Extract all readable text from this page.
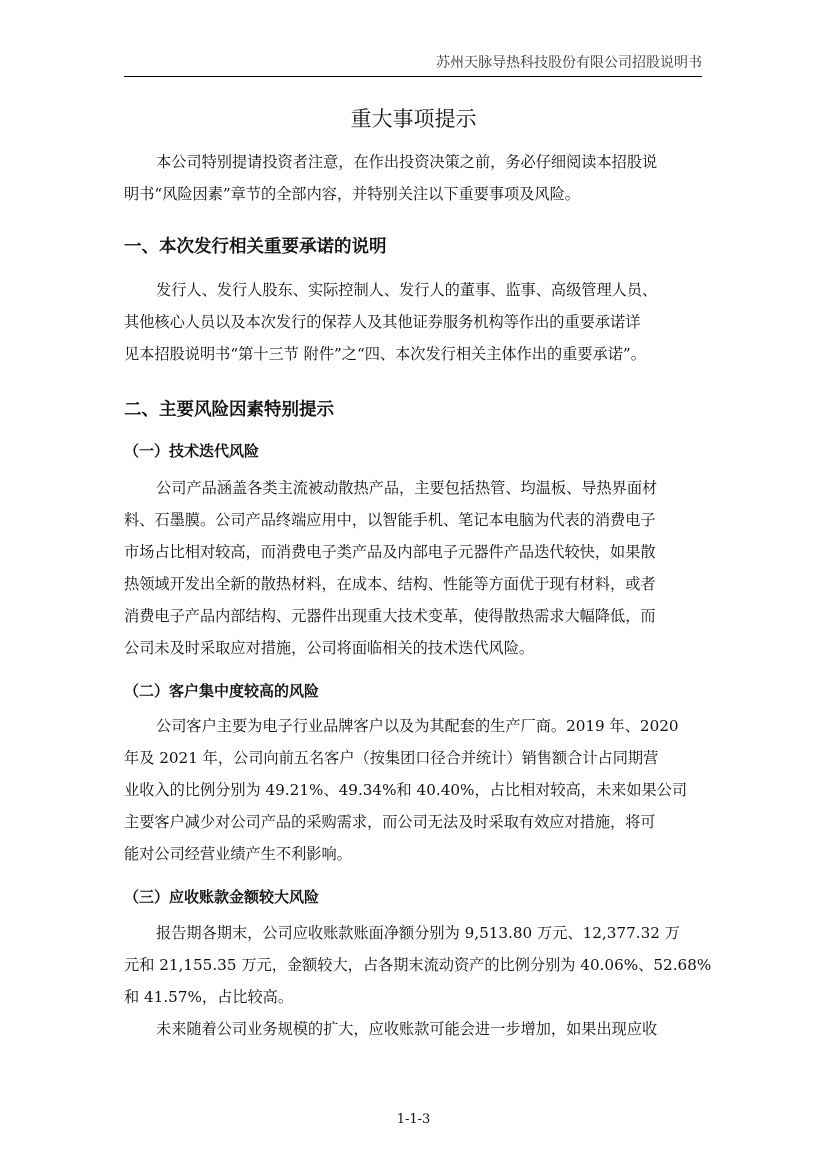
苏州天脉导热科技股份有限公司招股说明书
重大事项提示
本公司特别提请投资者注意，在作出投资决策之前，务必仔细阅读本招股说
明书“风险因素”章节的全部内容，并特别关注以下重要事项及风险。
一、本次发行相关重要承诺的说明
发行人、发行人股东、实际控制人、发行人的董事、监事、高级管理人员、
其他核心人员以及本次发行的保荐人及其他证券服务机构等作出的重要承诺详
见本招股说明书“第十三节 附件”之“四、本次发行相关主体作出的重要承诺”。
二、主要风险因素特别提示
（一）技术迭代风险
公司产品涵盖各类主流被动散热产品，主要包括热管、均温板、导热界面材
料、石墨膜。公司产品终端应用中，以智能手机、笔记本电脑为代表的消费电子
市场占比相对较高，而消费电子类产品及内部电子元器件产品迭代较快，如果散
热领域开发出全新的散热材料，在成本、结构、性能等方面优于现有材料，或者
消费电子产品内部结构、元器件出现重大技术变革，使得散热需求大幅降低，而
公司未及时采取应对措施，公司将面临相关的技术迭代风险。
（二）客户集中度较高的风险
公司客户主要为电子行业品牌客户以及为其配套的生产厂商。2019 年、2020
年及 2021 年，公司向前五名客户（按集团口径合并统计）销售额合计占同期营
业收入的比例分别为 49.21%、49.34%和 40.40%，占比相对较高，未来如果公司
主要客户减少对公司产品的采购需求，而公司无法及时采取有效应对措施，将可
能对公司经营业绩产生不利影响。
（三）应收账款金额较大风险
报告期各期末，公司应收账款账面净额分别为 9,513.80 万元、12,377.32 万
元和 21,155.35 万元，金额较大，占各期末流动资产的比例分别为 40.06%、52.68%
和 41.57%，占比较高。
未来随着公司业务规模的扩大，应收账款可能会进一步增加，如果出现应收
1-1-3
